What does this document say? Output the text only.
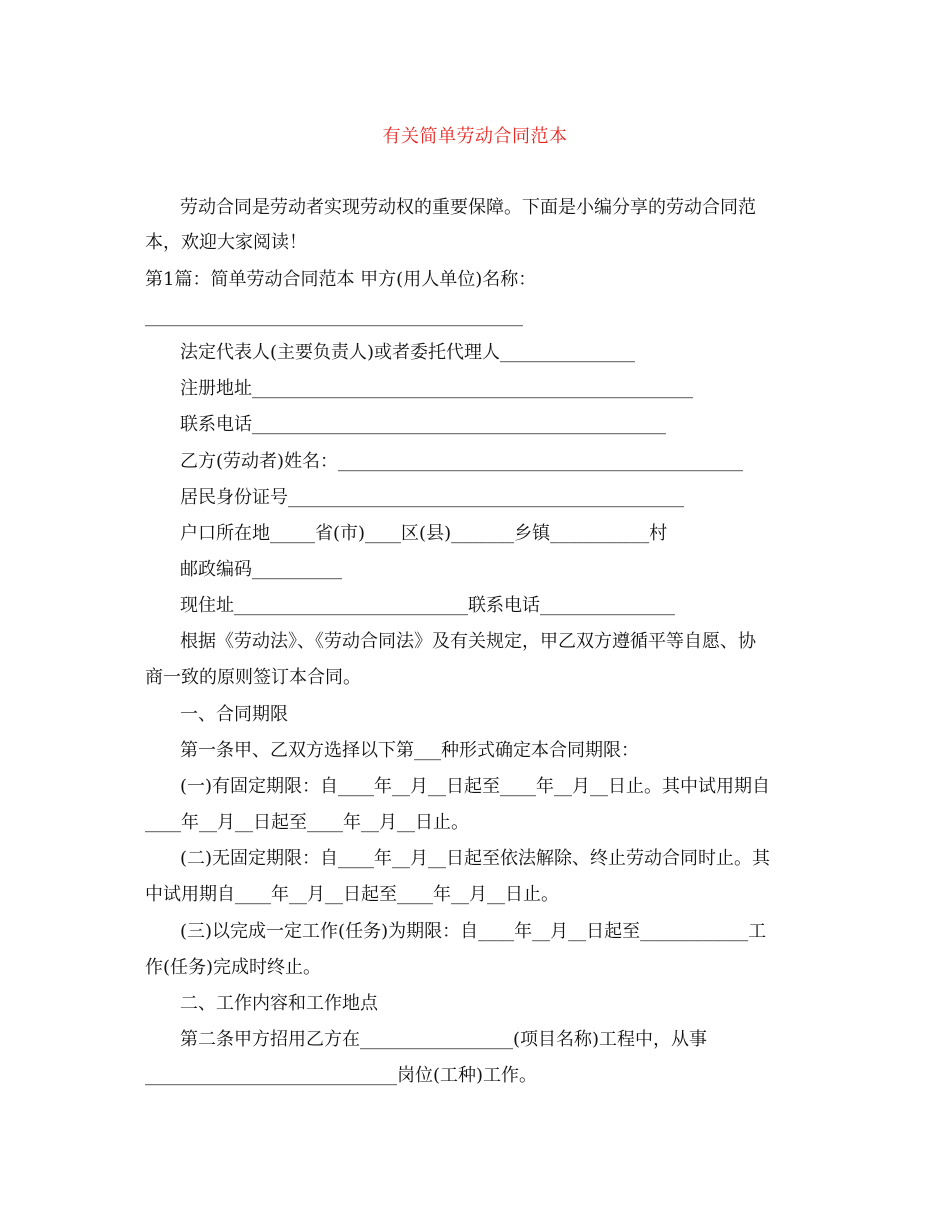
有关简单劳动合同范本
劳动合同是劳动者实现劳动权的重要保障。下面是小编分享的劳动合同范
本，欢迎大家阅读！
第1篇：简单劳动合同范本 甲方(用人单位)名称：
__________________________________________
法定代表人(主要负责人)或者委托代理人_______________
注册地址_________________________________________________
联系电话______________________________________________
乙方(劳动者)姓名：_____________________________________________
居民身份证号____________________________________________
户口所在地_____省(市)____区(县)_______乡镇___________村
邮政编码__________
现住址__________________________联系电话_______________
根据《劳动法》、《劳动合同法》及有关规定，甲乙双方遵循平等自愿、协
商一致的原则签订本合同。
一、合同期限
第一条甲、乙双方选择以下第___种形式确定本合同期限：
(一)有固定期限：自____年__月__日起至____年__月__日止。其中试用期自
____年__月__日起至____年__月__日止。
(二)无固定期限：自____年__月__日起至依法解除、终止劳动合同时止。其
中试用期自____年__月__日起至____年__月__日止。
(三)以完成一定工作(任务)为期限：自____年__月__日起至____________工
作(任务)完成时终止。
二、工作内容和工作地点
第二条甲方招用乙方在_________________(项目名称)工程中，从事
____________________________岗位(工种)工作。
